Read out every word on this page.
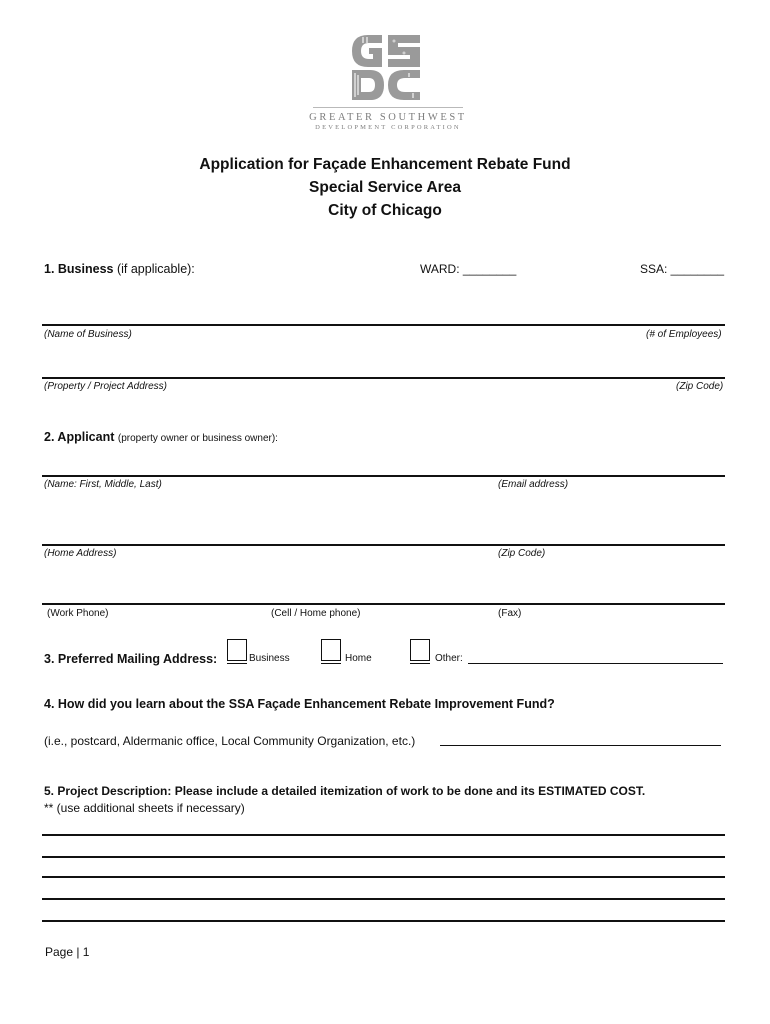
GREATER SOUTHWEST
DEVELOPMENT CORPORATION
Application for Façade Enhancement Rebate Fund
Special Service Area
City of Chicago
1. Business (if applicable):	WARD: ________	SSA: ________
(Name of Business)	(# of Employees)
(Property / Project Address)	(Zip Code)
2. Applicant (property owner or business owner):
(Name: First, Middle, Last)	(Email address)
(Home Address)	(Zip Code)
(Work Phone)	(Cell / Home phone)	(Fax)
3. Preferred Mailing Address:	Business	Home	Other:
4. How did you learn about the SSA Façade Enhancement Rebate Improvement Fund?
(i.e., postcard, Aldermanic office, Local Community Organization, etc.)
5. Project Description: Please include a detailed itemization of work to be done and its ESTIMATED COST.
** (use additional sheets if necessary)
Page | 1
